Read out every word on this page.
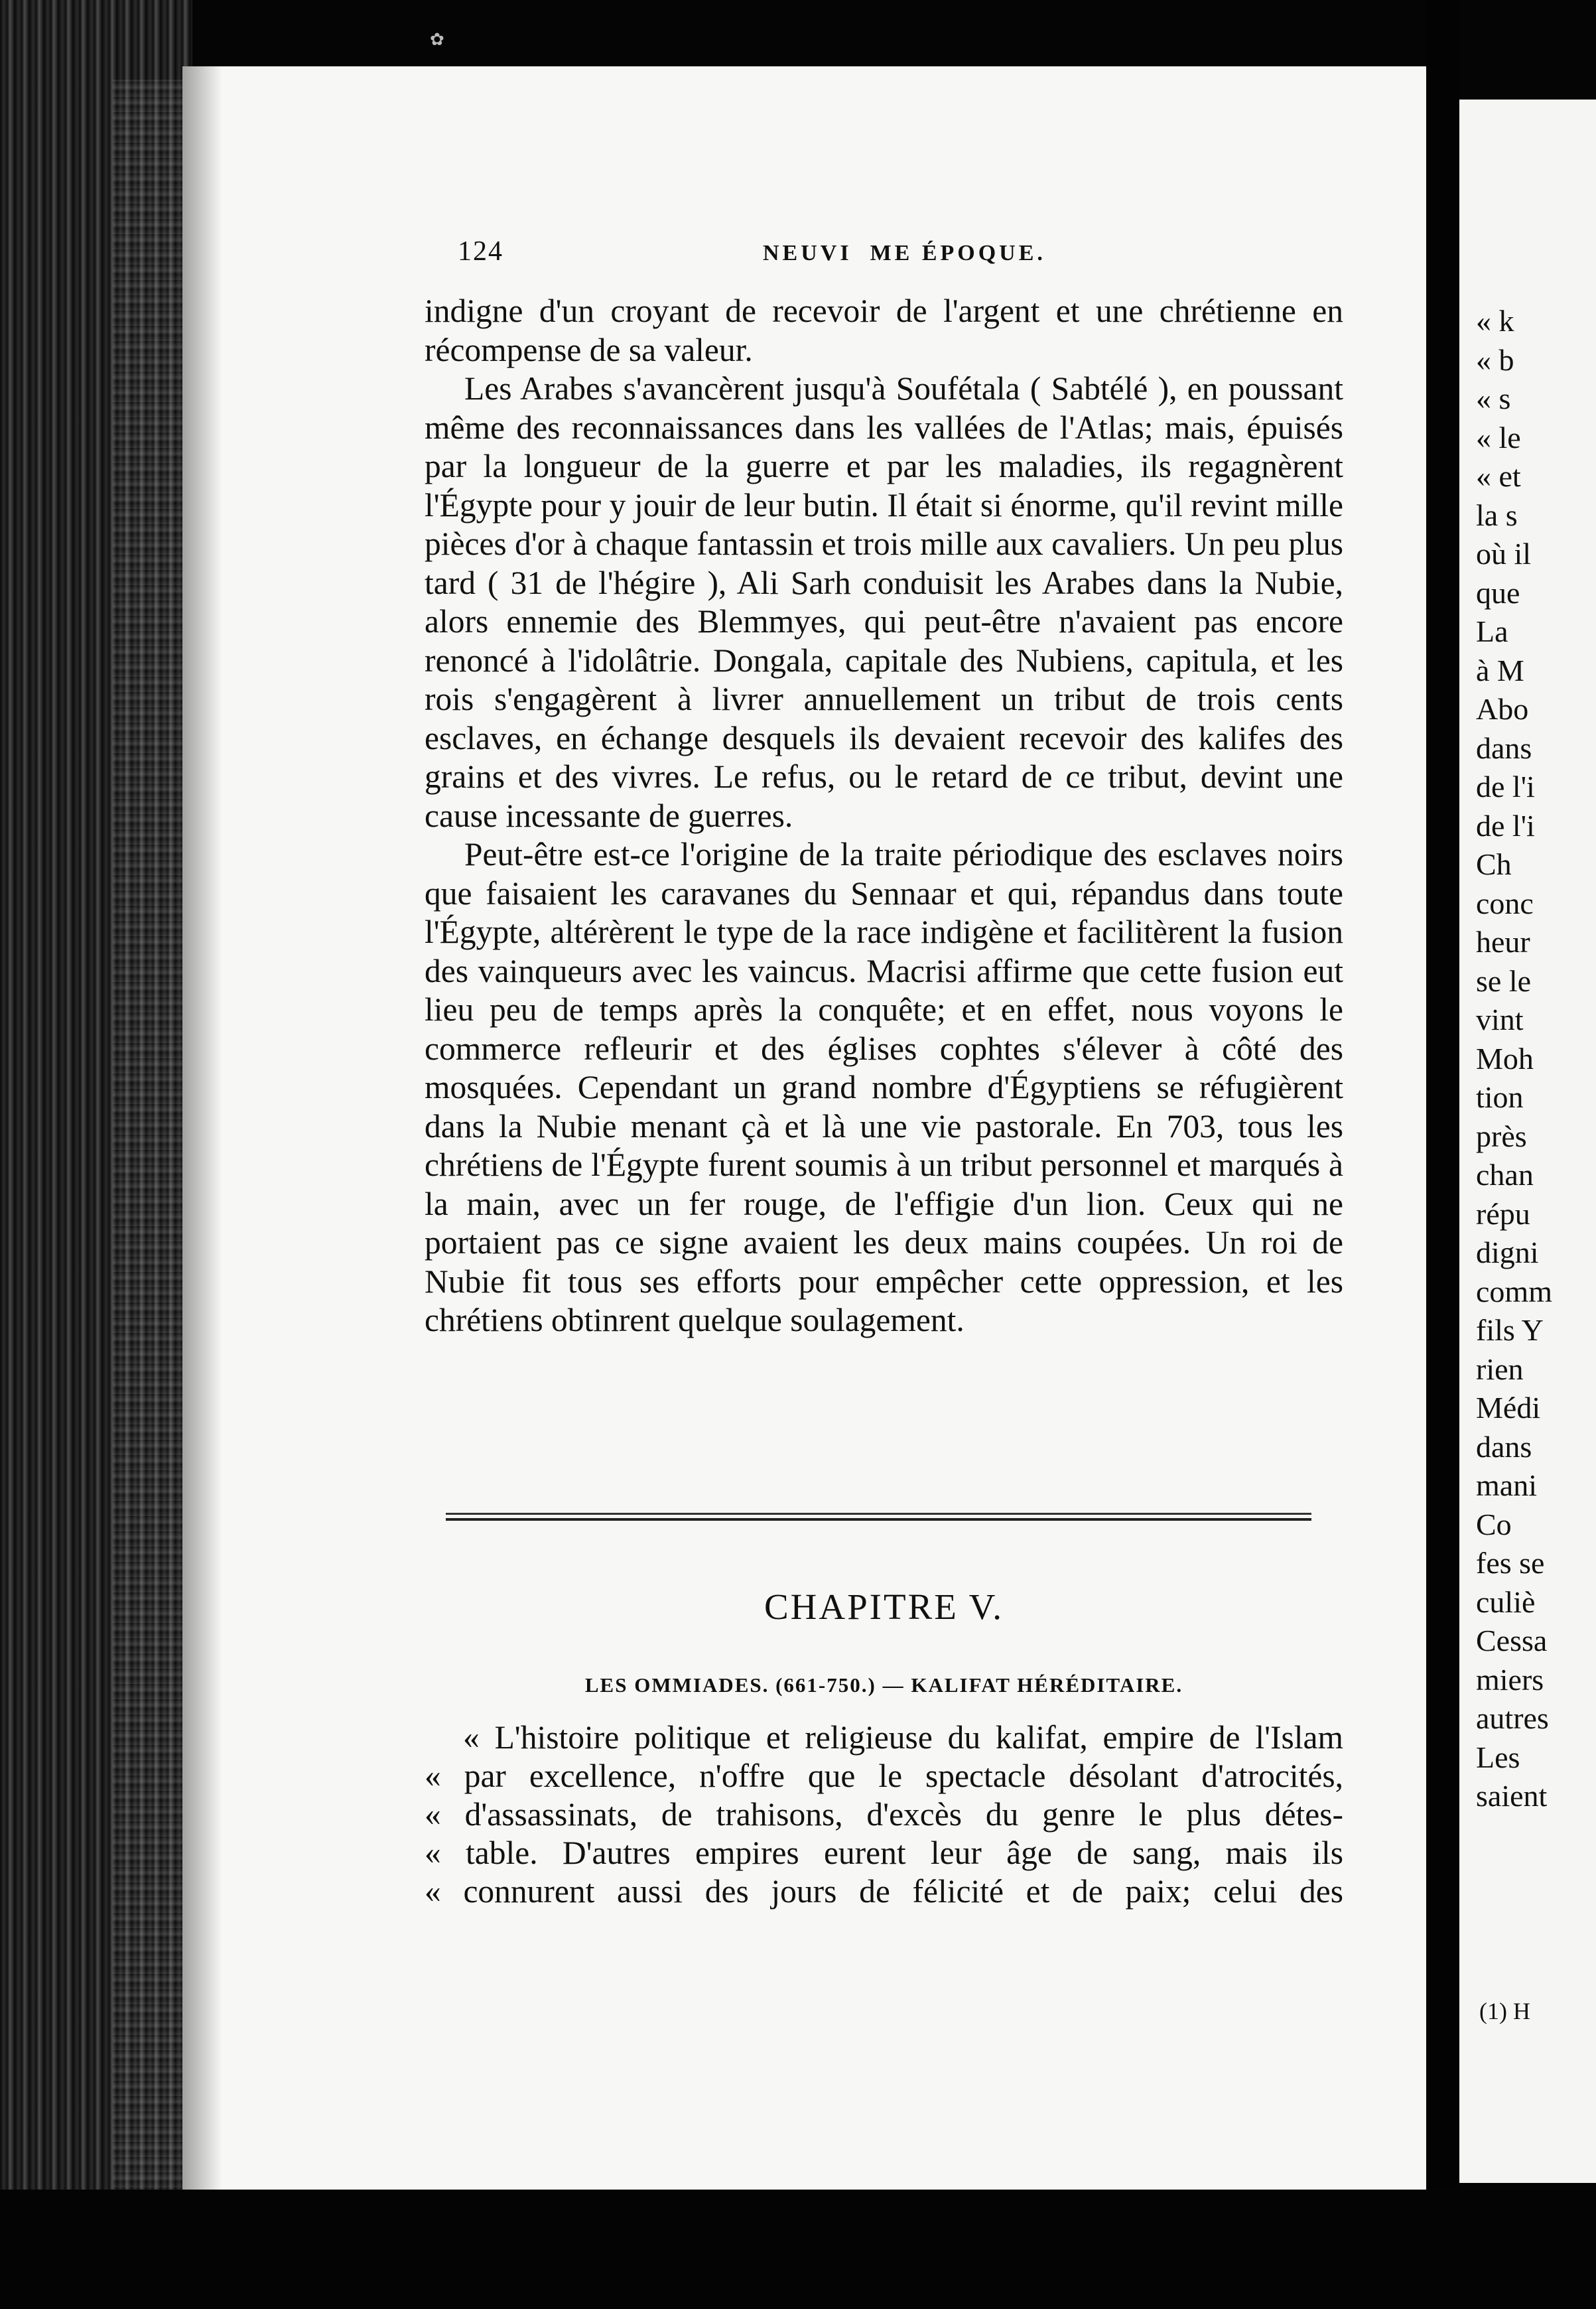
✿
124	NEUVI  ME ÉPOQUE.

indigne d'un croyant de recevoir de l'argent et une chrétienne en récompense de sa valeur.

Les Arabes s'avancèrent jusqu'à Soufétala ( Sabtélé ), en poussant même des reconnaissances dans les vallées de l'Atlas; mais, épuisés par la longueur de la guerre et par les maladies, ils regagnèrent l'Égypte pour y jouir de leur butin. Il était si énorme, qu'il revint mille pièces d'or à chaque fantassin et trois mille aux cavaliers. Un peu plus tard ( 31 de l'hégire ), Ali Sarh conduisit les Arabes dans la Nubie, alors ennemie des Blemmyes, qui peut-être n'avaient pas encore renoncé à l'idolâtrie. Dongala, capitale des Nubiens, capitula, et les rois s'engagèrent à livrer annuellement un tribut de trois cents esclaves, en échange desquels ils devaient recevoir des kalifes des grains et des vivres. Le refus, ou le retard de ce tribut, devint une cause incessante de guerres.

Peut-être est-ce l'origine de la traite périodique des esclaves noirs que faisaient les caravanes du Sennaar et qui, répandus dans toute l'Égypte, altérèrent le type de la race indigène et facilitèrent la fusion des vainqueurs avec les vaincus. Macrisi affirme que cette fusion eut lieu peu de temps après la conquête; et en effet, nous voyons le commerce refleurir et des églises cophtes s'élever à côté des mosquées. Cependant un grand nombre d'Égyptiens se réfugièrent dans la Nubie menant çà et là une vie pastorale. En 703, tous les chrétiens de l'Égypte furent soumis à un tribut personnel et marqués à la main, avec un fer rouge, de l'effigie d'un lion. Ceux qui ne portaient pas ce signe avaient les deux mains coupées. Un roi de Nubie fit tous ses efforts pour empêcher cette oppression, et les chrétiens obtinrent quelque soulagement.

CHAPITRE V.
LES OMMIADES. (661-750.) — KALIFAT HÉRÉDITAIRE.
« L'histoire politique et religieuse du kalifat, empire de l'Islam
« par excellence, n'offre que le spectacle désolant d'atrocités,
« d'assassinats, de trahisons, d'excès du genre le plus détes-
« table. D'autres empires eurent leur âge de sang, mais ils
« connurent aussi des jours de félicité et de paix; celui des
« k
« b
« s
« le
« et
la s
où il
que
La
à M
Abo
dans
de l'i
de l'i
Ch
conc
heur
se le
vint
Moh
tion
près
chan
répu
digni
comm
fils Y
rien
Médi
dans
mani
Co
fes se
culiè
Cessa
miers
autres
Les
saient
(1) H
